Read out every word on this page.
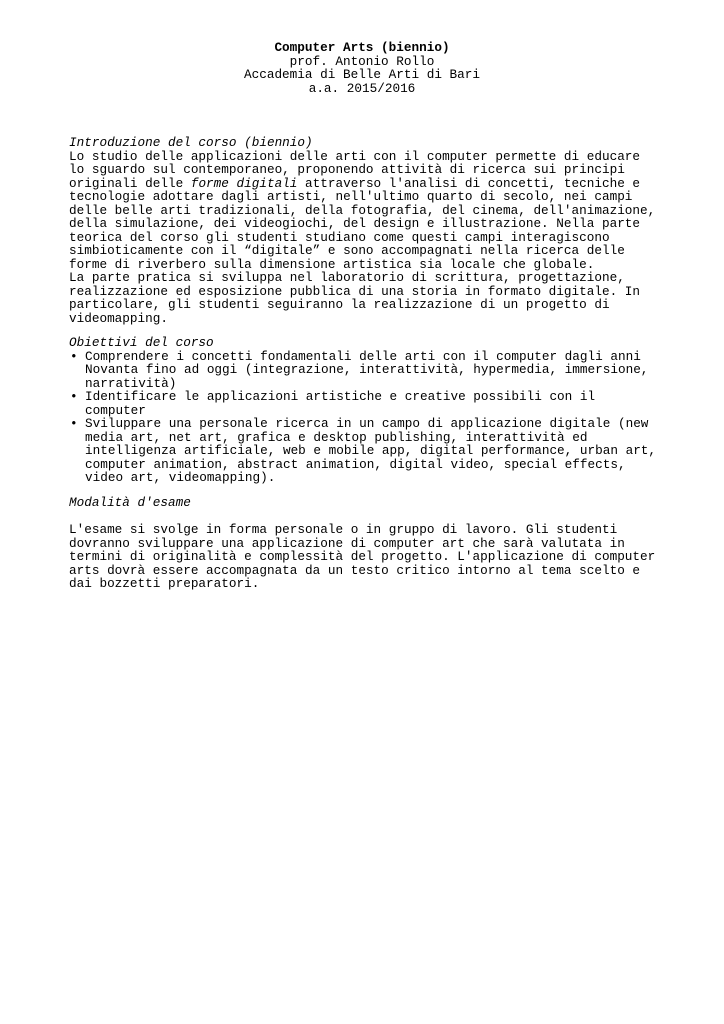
Computer Arts (biennio)
prof. Antonio Rollo
Accademia di Belle Arti di Bari
a.a. 2015/2016
Introduzione del corso (biennio)
Lo studio delle applicazioni delle arti con il computer permette di educare lo sguardo sul contemporaneo, proponendo attività di ricerca sui principi originali delle forme digitali attraverso l'analisi di concetti, tecniche e tecnologie adottare dagli artisti, nell'ultimo quarto di secolo, nei campi delle belle arti tradizionali, della fotografia, del cinema, dell'animazione, della simulazione, dei videogiochi, del design e illustrazione. Nella parte teorica del corso gli studenti studiano come questi campi interagiscono simbioticamente con il “digitale” e sono accompagnati nella ricerca delle forme di riverbero sulla dimensione artistica sia locale che globale.
La parte pratica si sviluppa nel laboratorio di scrittura, progettazione, realizzazione ed esposizione pubblica di una storia in formato digitale. In particolare, gli studenti seguiranno la realizzazione di un progetto di videomapping.
Obiettivi del corso
• Comprendere i concetti fondamentali delle arti con il computer dagli anni Novanta fino ad oggi (integrazione, interattività, hypermedia, immersione, narratività)
• Identificare le applicazioni artistiche e creative possibili con il computer
• Sviluppare una personale ricerca in un campo di applicazione digitale (new media art, net art, grafica e desktop publishing, interattività ed intelligenza artificiale, web e mobile app, digital performance, urban art, computer animation, abstract animation, digital video, special effects, video art, videomapping).
Modalità d'esame
L'esame si svolge in forma personale o in gruppo di lavoro. Gli studenti dovranno sviluppare una applicazione di computer art che sarà valutata in termini di originalità e complessità del progetto. L'applicazione di computer arts dovrà essere accompagnata da un testo critico intorno al tema scelto e dai bozzetti preparatori.
